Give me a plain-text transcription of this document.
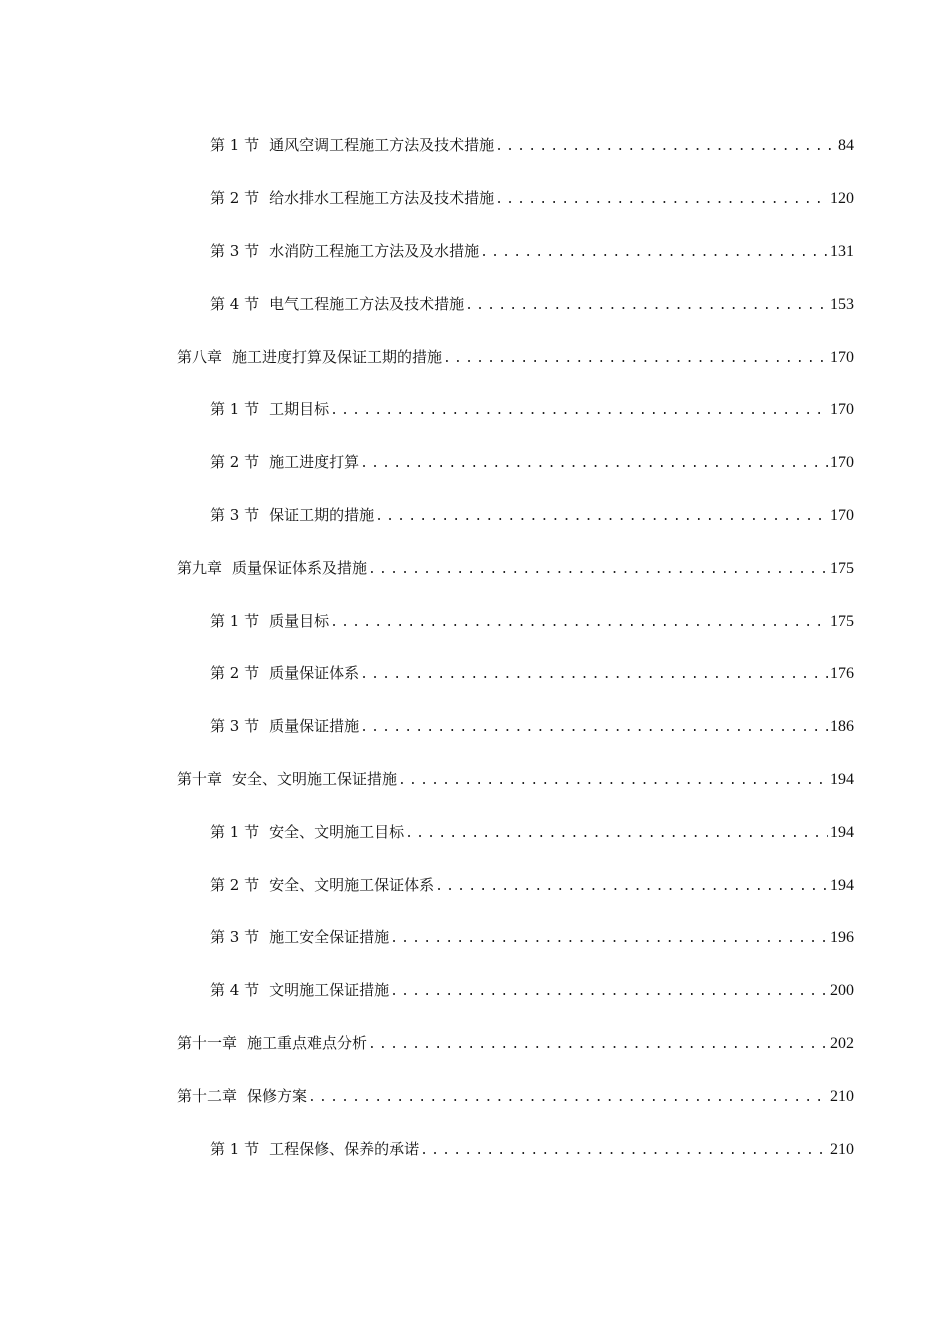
第 1 节 通风空调工程施工方法及技术措施 .....	84
第 2 节 给水排水工程施工方法及技术措施 .....	120
第 3 节 水消防工程施工方法及及水措施 .....	131
第 4 节 电气工程施工方法及技术措施 .....	153
第八章 施工进度打算及保证工期的措施 .....	170
第 1 节 工期目标 .....	170
第 2 节 施工进度打算 .....	170
第 3 节 保证工期的措施 .....	170
第九章 质量保证体系及措施 .....	175
第 1 节 质量目标 .....	175
第 2 节 质量保证体系 .....	176
第 3 节 质量保证措施 .....	186
第十章 安全、文明施工保证措施 .....	194
第 1 节 安全、文明施工目标 .....	194
第 2 节 安全、文明施工保证体系 .....	194
第 3 节 施工安全保证措施 .....	196
第 4 节 文明施工保证措施 .....	200
第十一章 施工重点难点分析 .....	202
第十二章 保修方案 .....	210
第 1 节 工程保修、保养的承诺 .....	210
